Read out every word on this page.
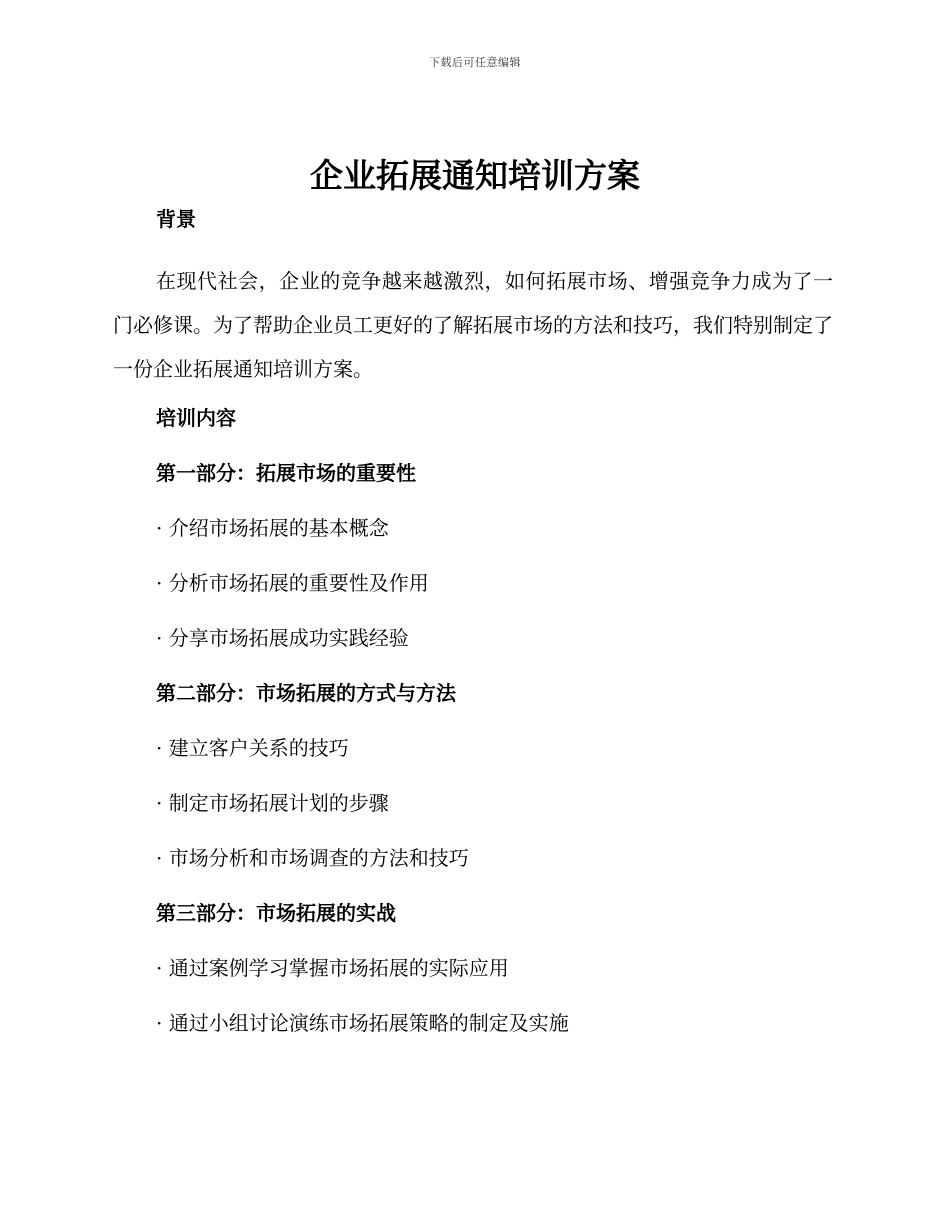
下载后可任意编辑
企业拓展通知培训方案
背景

在现代社会，企业的竞争越来越激烈，如何拓展市场、增强竞争力成为了一门必修课。为了帮助企业员工更好的了解拓展市场的方法和技巧，我们特别制定了一份企业拓展通知培训方案。

培训内容
第一部分：拓展市场的重要性
· 介绍市场拓展的基本概念
· 分析市场拓展的重要性及作用
· 分享市场拓展成功实践经验
第二部分：市场拓展的方式与方法
· 建立客户关系的技巧
· 制定市场拓展计划的步骤
· 市场分析和市场调查的方法和技巧
第三部分：市场拓展的实战
· 通过案例学习掌握市场拓展的实际应用
· 通过小组讨论演练市场拓展策略的制定及实施
